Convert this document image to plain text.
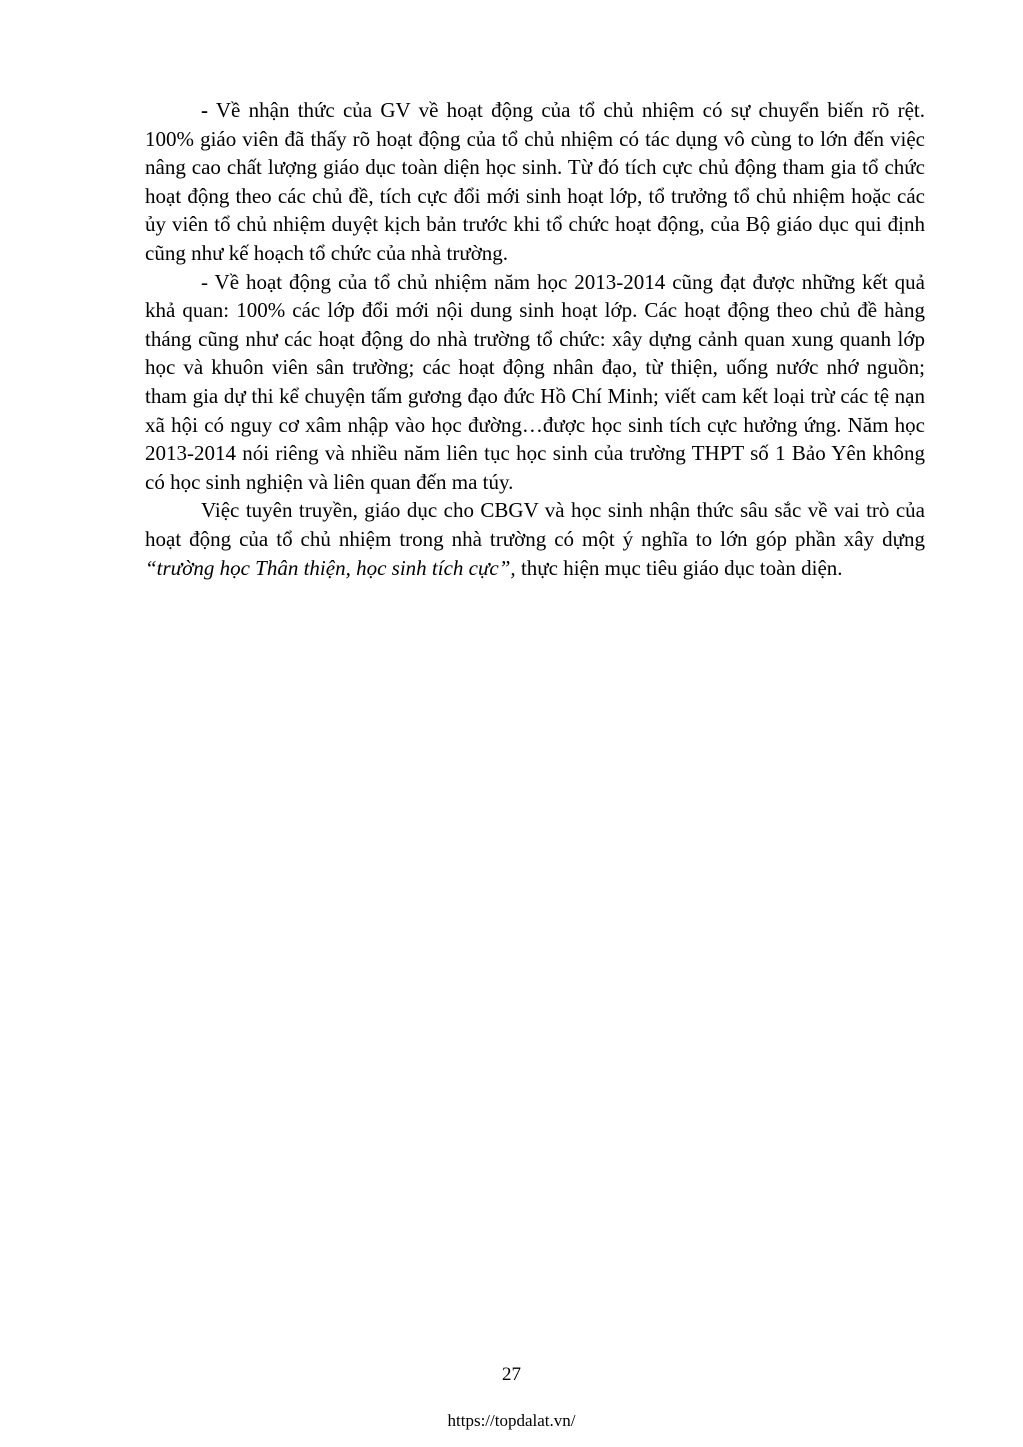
- Về nhận thức của GV về hoạt động của tổ chủ nhiệm có sự chuyển biến rõ rệt. 100% giáo viên đã thấy rõ hoạt động của tổ chủ nhiệm có tác dụng vô cùng to lớn đến việc nâng cao chất lượng giáo dục toàn diện học sinh. Từ đó tích cực chủ động tham gia tổ chức hoạt động theo các chủ đề, tích cực đổi mới sinh hoạt lớp, tổ trưởng tổ chủ nhiệm hoặc các ủy viên tổ chủ nhiệm duyệt kịch bản trước khi tổ chức hoạt động, của Bộ giáo dục qui định cũng như kế hoạch tổ chức của nhà trường.

- Về hoạt động của tổ chủ nhiệm năm học 2013-2014 cũng đạt được những kết quả khả quan: 100% các lớp đổi mới nội dung sinh hoạt lớp. Các hoạt động theo chủ đề hàng tháng cũng như các hoạt động do nhà trường tổ chức: xây dựng cảnh quan xung quanh lớp học và khuôn viên sân trường; các hoạt động nhân đạo, từ thiện, uống nước nhớ nguồn; tham gia dự thi kể chuyện tấm gương đạo đức Hồ Chí Minh; viết cam kết loại trừ các tệ nạn xã hội có nguy cơ xâm nhập vào học đường…được học sinh tích cực hưởng ứng. Năm học 2013-2014 nói riêng và nhiều năm liên tục học sinh của trường THPT số 1 Bảo Yên không có học sinh nghiện và liên quan đến ma túy.

Việc tuyên truyền, giáo dục cho CBGV và học sinh nhận thức sâu sắc về vai trò của hoạt động của tổ chủ nhiệm trong nhà trường có một ý nghĩa to lớn góp phần xây dựng “trường học Thân thiện, học sinh tích cực”, thực hiện mục tiêu giáo dục toàn diện.

27
https://topdalat.vn/
